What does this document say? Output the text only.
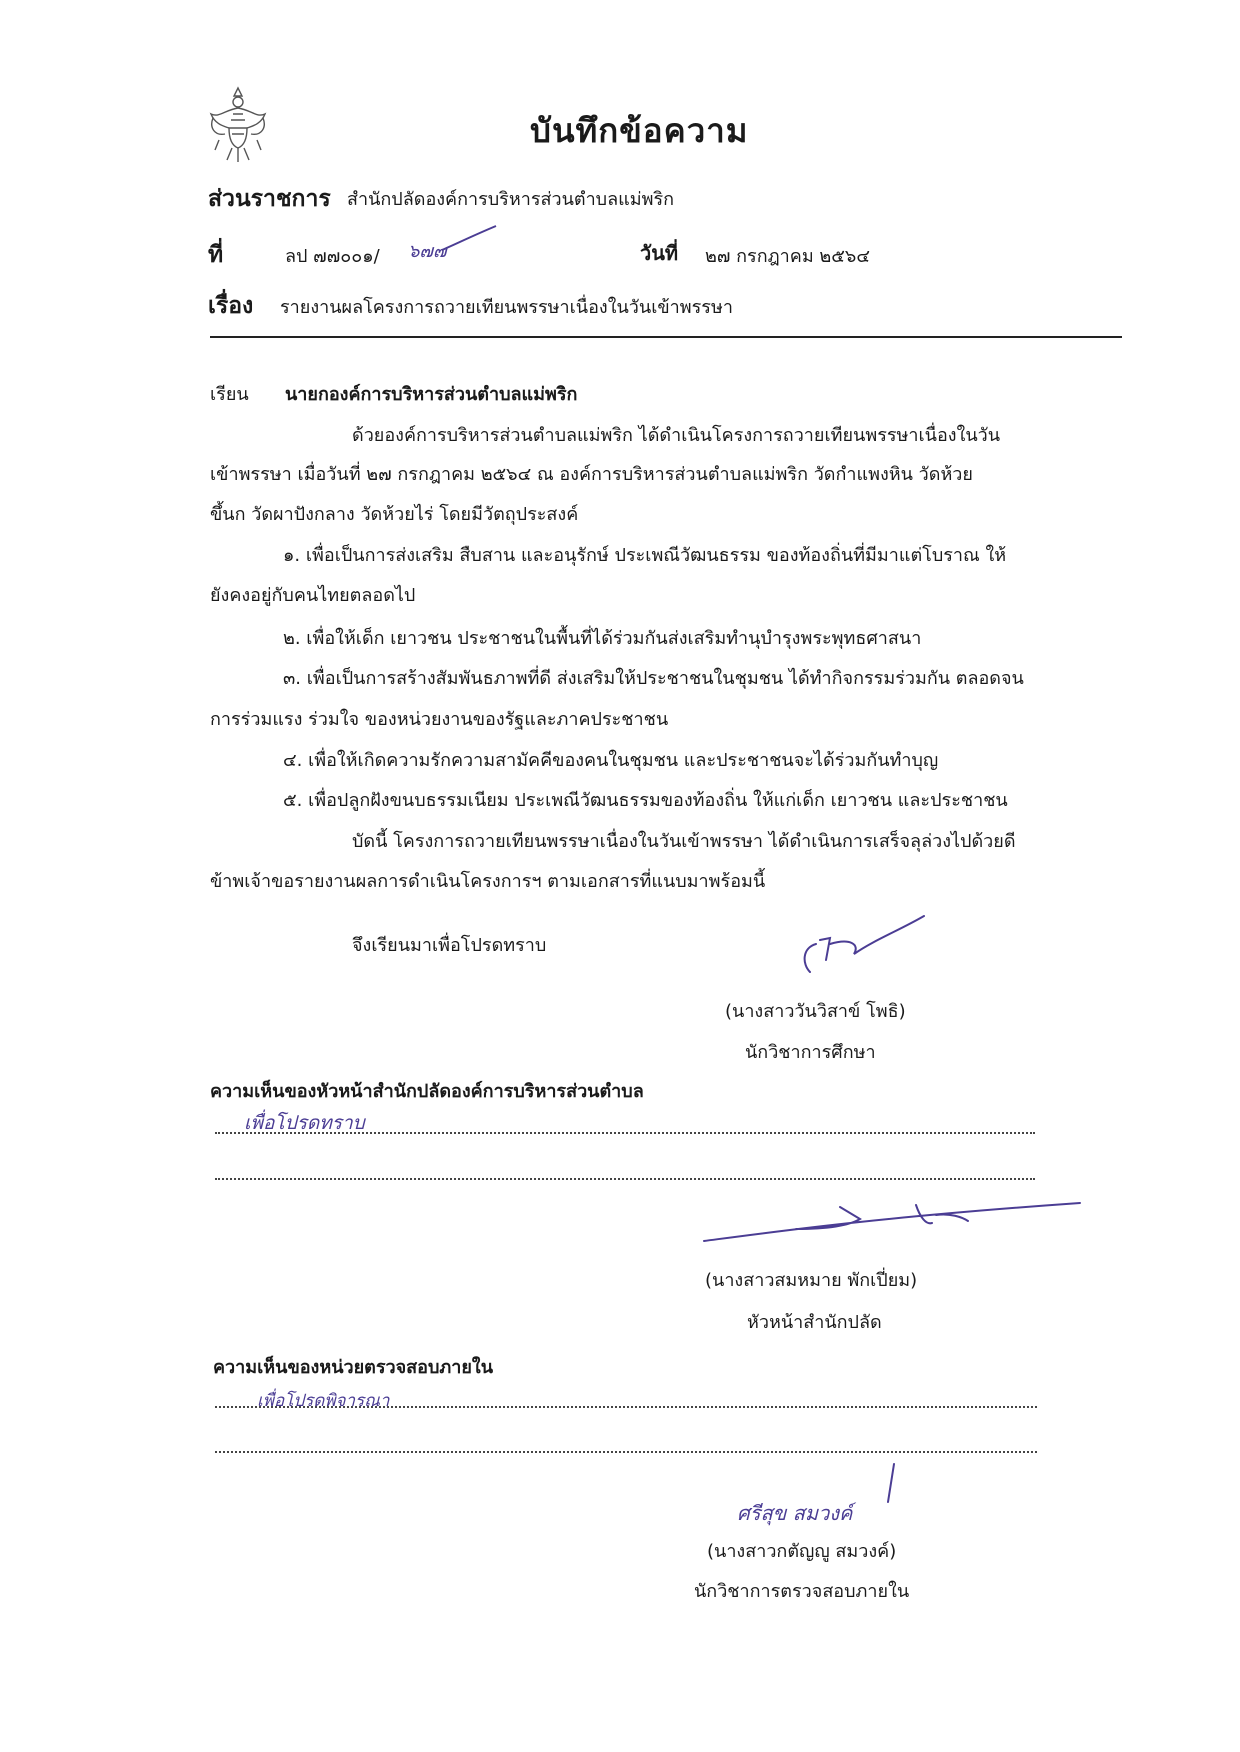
บันทึกข้อความ
ส่วนราชการ สำนักปลัดองค์การบริหารส่วนตำบลแม่พริก
ที่	ลป ๗๗๐๐๑/ ๖๗๗	วันที่ ๒๗ กรกฎาคม ๒๕๖๔
เรื่อง รายงานผลโครงการถวายเทียนพรรษาเนื่องในวันเข้าพรรษา
เรียน นายกองค์การบริหารส่วนตำบลแม่พริก
ด้วยองค์การบริหารส่วนตำบลแม่พริก ได้ดำเนินโครงการถวายเทียนพรรษาเนื่องในวัน
เข้าพรรษา เมื่อวันที่ ๒๗ กรกฎาคม ๒๕๖๔ ณ องค์การบริหารส่วนตำบลแม่พริก วัดกำแพงหิน วัดห้วย
ขึ้นก วัดผาปังกลาง วัดห้วยไร่ โดยมีวัตถุประสงค์
๑. เพื่อเป็นการส่งเสริม สืบสาน และอนุรักษ์ ประเพณีวัฒนธรรม ของท้องถิ่นที่มีมาแต่โบราณ ให้
ยังคงอยู่กับคนไทยตลอดไป
๒. เพื่อให้เด็ก เยาวชน ประชาชนในพื้นที่ได้ร่วมกันส่งเสริมทำนุบำรุงพระพุทธศาสนา
๓. เพื่อเป็นการสร้างสัมพันธภาพที่ดี ส่งเสริมให้ประชาชนในชุมชน ได้ทำกิจกรรมร่วมกัน ตลอดจน
การร่วมแรง ร่วมใจ ของหน่วยงานของรัฐและภาคประชาชน
๔. เพื่อให้เกิดความรักความสามัคคีของคนในชุมชน และประชาชนจะได้ร่วมกันทำบุญ
๕. เพื่อปลูกฝังขนบธรรมเนียม ประเพณีวัฒนธรรมของท้องถิ่น ให้แก่เด็ก เยาวชน และประชาชน
บัดนี้ โครงการถวายเทียนพรรษาเนื่องในวันเข้าพรรษา ได้ดำเนินการเสร็จลุล่วงไปด้วยดี
ข้าพเจ้าขอรายงานผลการดำเนินโครงการฯ ตามเอกสารที่แนบมาพร้อมนี้
จึงเรียนมาเพื่อโปรดทราบ
(นางสาววันวิสาข์ โพธิ)
นักวิชาการศึกษา
ความเห็นของหัวหน้าสำนักปลัดองค์การบริหารส่วนตำบล
เพื่อโปรดทราบ
(นางสาวสมหมาย พักเปี่ยม)
หัวหน้าสำนักปลัด
ความเห็นของหน่วยตรวจสอบภายใน
เพื่อโปรดพิจารณา
ศรีสุข สมวงค์
(นางสาวกตัญญู สมวงค์)
นักวิชาการตรวจสอบภายใน
